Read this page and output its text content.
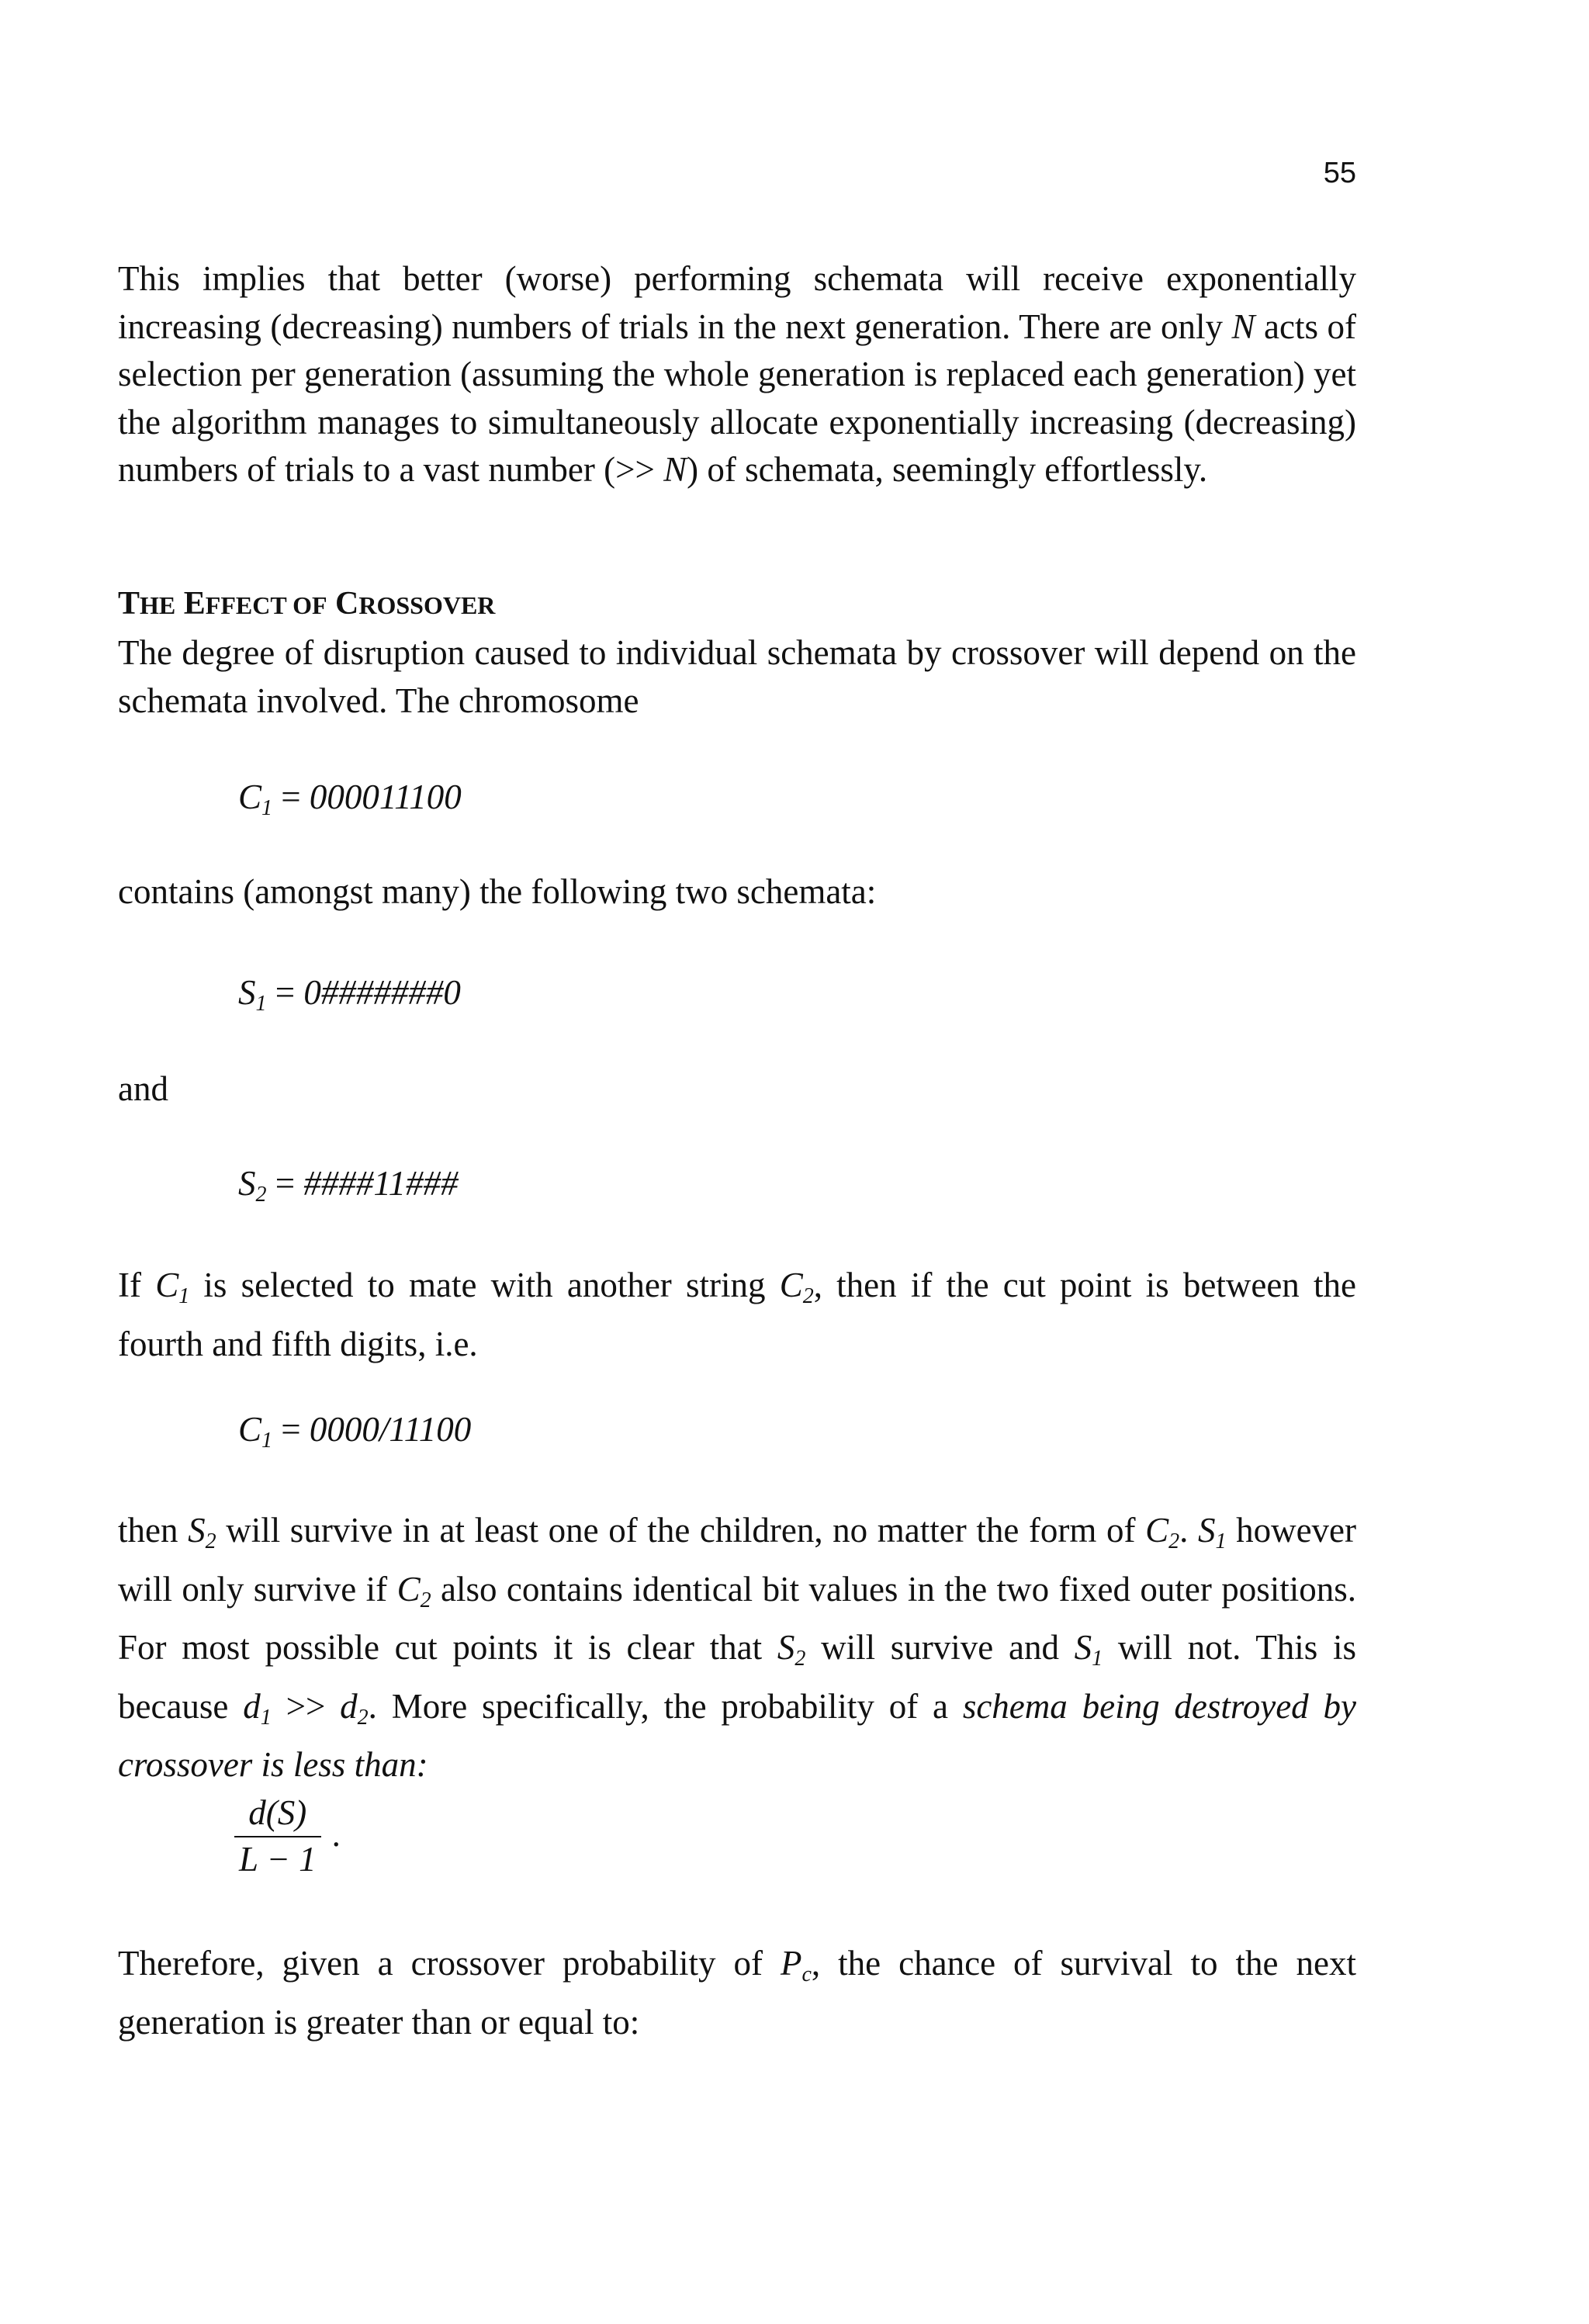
55

This implies that better (worse) performing schemata will receive exponentially increasing (decreasing) numbers of trials in the next generation. There are only N acts of selection per generation (assuming the whole generation is replaced each generation) yet the algorithm manages to simultaneously allocate exponentially increasing (decreasing) numbers of trials to a vast number (>> N) of schemata, seemingly effortlessly.

THE EFFECT OF CROSSOVER

The degree of disruption caused to individual schemata by crossover will depend on the schemata involved. The chromosome

$C_1 = 000011100$
contains (amongst many) the following two schemata:
$S_1$ = 0#######0
and
$S_2$ = ####11###

If $C_1$ is selected to mate with another string $C_2$, then if the cut point is between the fourth and fifth digits, i.e.

$C_1 = 0000/11100$

then $S_2$ will survive in at least one of the children, no matter the form of $C_2$. $S_1$ however will only survive if $C_2$ also contains identical bit values in the two fixed outer positions. For most possible cut points it is clear that $S_2$ will survive and $S_1$ will not. This is because $d_1 >> d_2$. More specifically, the probability of a schema being destroyed by crossover is less than:

$\frac{d(S)}{L - 1}$ .

Therefore, given a crossover probability of $P_c$, the chance of survival to the next generation is greater than or equal to:
